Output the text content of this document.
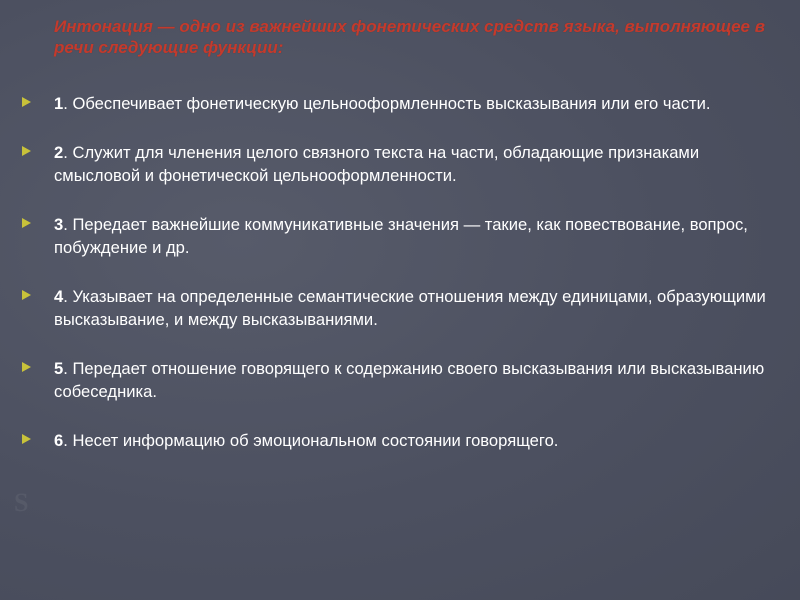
S

Интонация — одно из важнейших фонетических средств языка, выполняющее в речи следующие функции:

1. Обеспечивает фонетическую цельнооформленность высказывания или его части.
2. Служит для членения целого связного текста на части, обладающие признаками смысловой и фонетической цельнооформленности.
3. Передает важнейшие коммуникативные значения — такие, как повествование, вопрос, побуждение и др.
4. Указывает на определенные семантические отношения между единицами, образующими высказывание, и между высказываниями.
5. Передает отношение говорящего к содержанию своего высказывания или высказыванию собеседника.
6. Несет информацию об эмоциональном состоянии говорящего.
